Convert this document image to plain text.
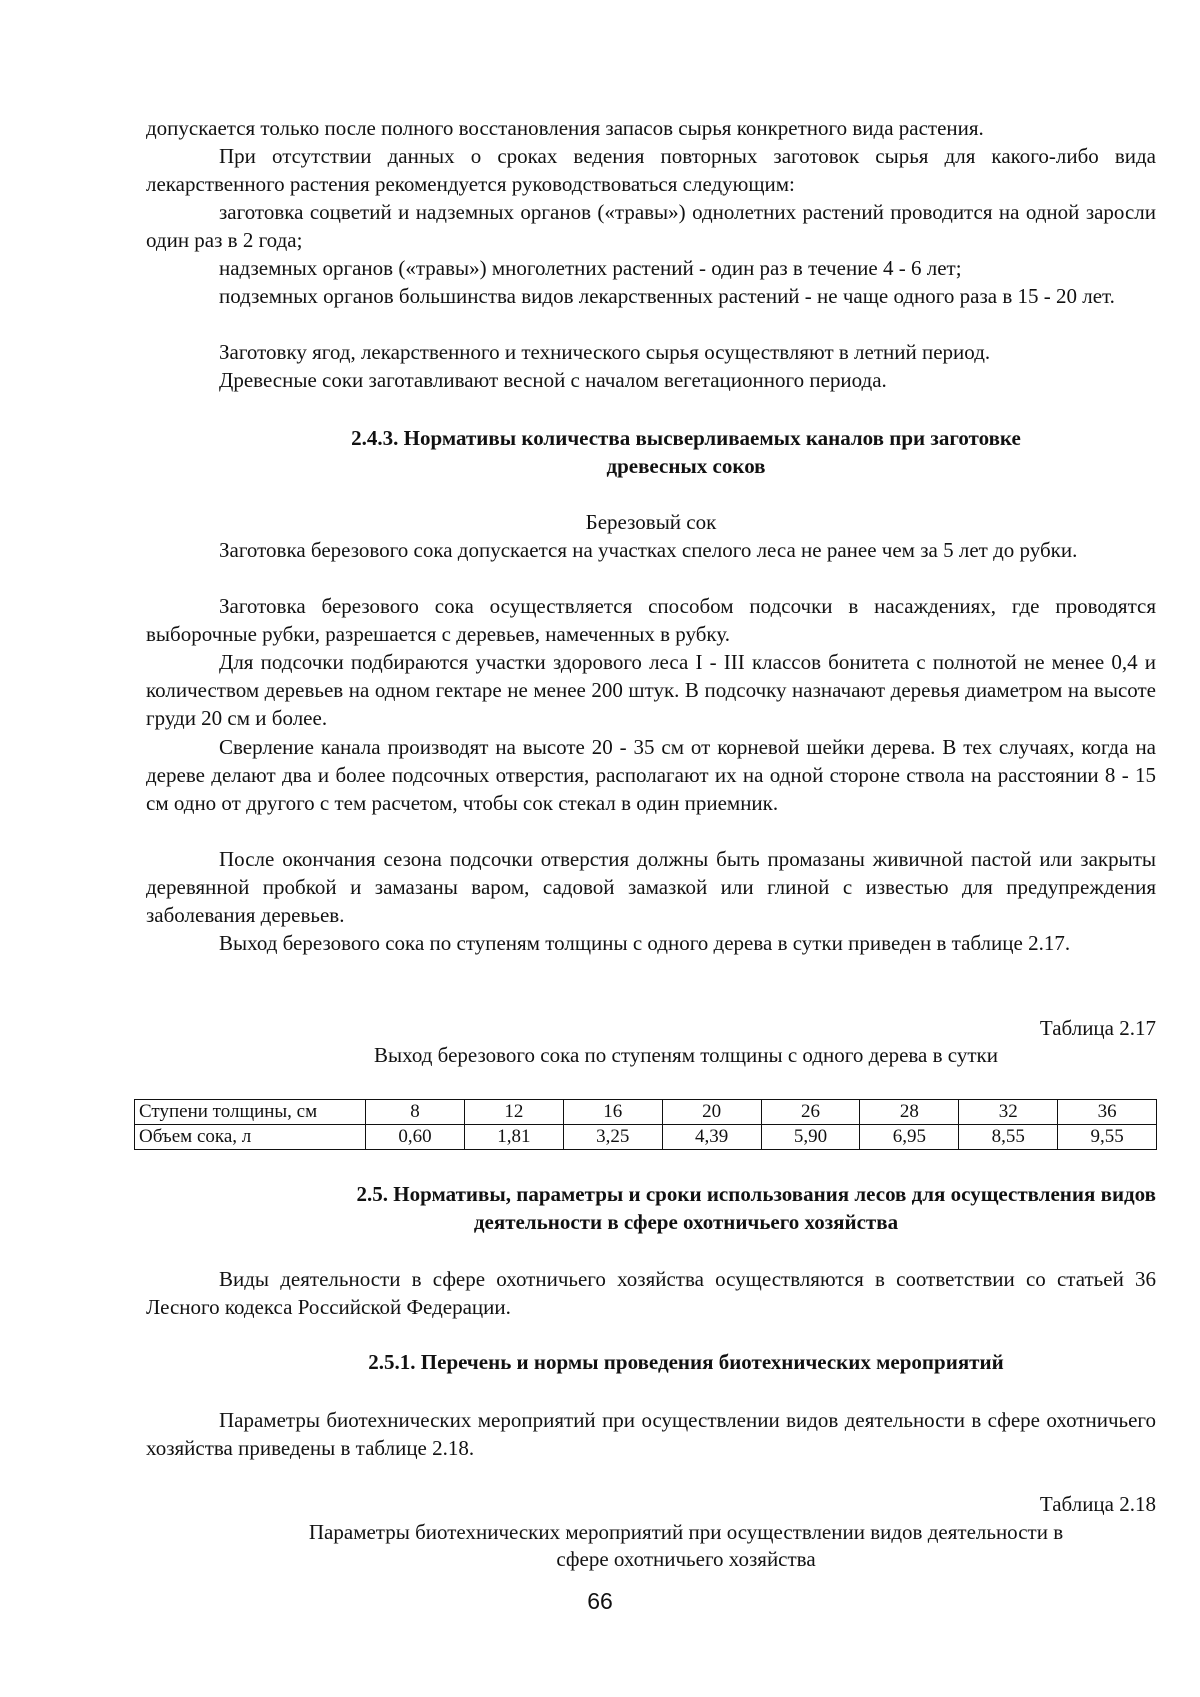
допускается только после полного восстановления запасов сырья конкретного вида растения.

При отсутствии данных о сроках ведения повторных заготовок сырья для какого-либо вида лекарственного растения рекомендуется руководствоваться следующим:

заготовка соцветий и надземных органов («травы») однолетних растений проводится на одной заросли один раз в 2 года;

надземных органов («травы») многолетних растений - один раз в течение 4 - 6 лет;

подземных органов большинства видов лекарственных растений - не чаще одного раза в 15 - 20 лет.

Заготовку ягод, лекарственного и технического сырья осуществляют в летний период.

Древесные соки заготавливают весной с началом вегетационного периода.

2.4.3. Нормативы количества высверливаемых каналов при заготовке

древесных соков

Березовый сок

Заготовка березового сока допускается на участках спелого леса не ранее чем за 5 лет до рубки.

Заготовка березового сока осуществляется способом подсочки в насаждениях, где проводятся выборочные рубки, разрешается с деревьев, намеченных в рубку.

Для подсочки подбираются участки здорового леса I - III классов бонитета с полнотой не менее 0,4 и количеством деревьев на одном гектаре не менее 200 штук. В подсочку назначают деревья диаметром на высоте груди 20 см и более.

Сверление канала производят на высоте 20 - 35 см от корневой шейки дерева. В тех случаях, когда на дереве делают два и более подсочных отверстия, располагают их на одной стороне ствола на расстоянии 8 - 15 см одно от другого с тем расчетом, чтобы сок стекал в один приемник.

После окончания сезона подсочки отверстия должны быть промазаны живичной пастой или закрыты деревянной пробкой и замазаны варом, садовой замазкой или глиной с известью для предупреждения заболевания деревьев.

Выход березового сока по ступеням толщины с одного дерева в сутки приведен в таблице 2.17.

Таблица 2.17

Выход березового сока по ступеням толщины с одного дерева в сутки

Ступени толщины, см	8	12	16	20	26	28	32	36
Объем сока, л	0,60	1,81	3,25	4,39	5,90	6,95	8,55	9,55

2.5. Нормативы, параметры и сроки использования лесов для осуществления видов

деятельности в сфере охотничьего хозяйства

Виды деятельности в сфере охотничьего хозяйства осуществляются в соответствии со статьей 36 Лесного кодекса Российской Федерации.

2.5.1. Перечень и нормы проведения биотехнических мероприятий

Параметры биотехнических мероприятий при осуществлении видов деятельности в сфере охотничьего хозяйства приведены в таблице 2.18.

Таблица 2.18

Параметры биотехнических мероприятий при осуществлении видов деятельности в

сфере охотничьего хозяйства

66
